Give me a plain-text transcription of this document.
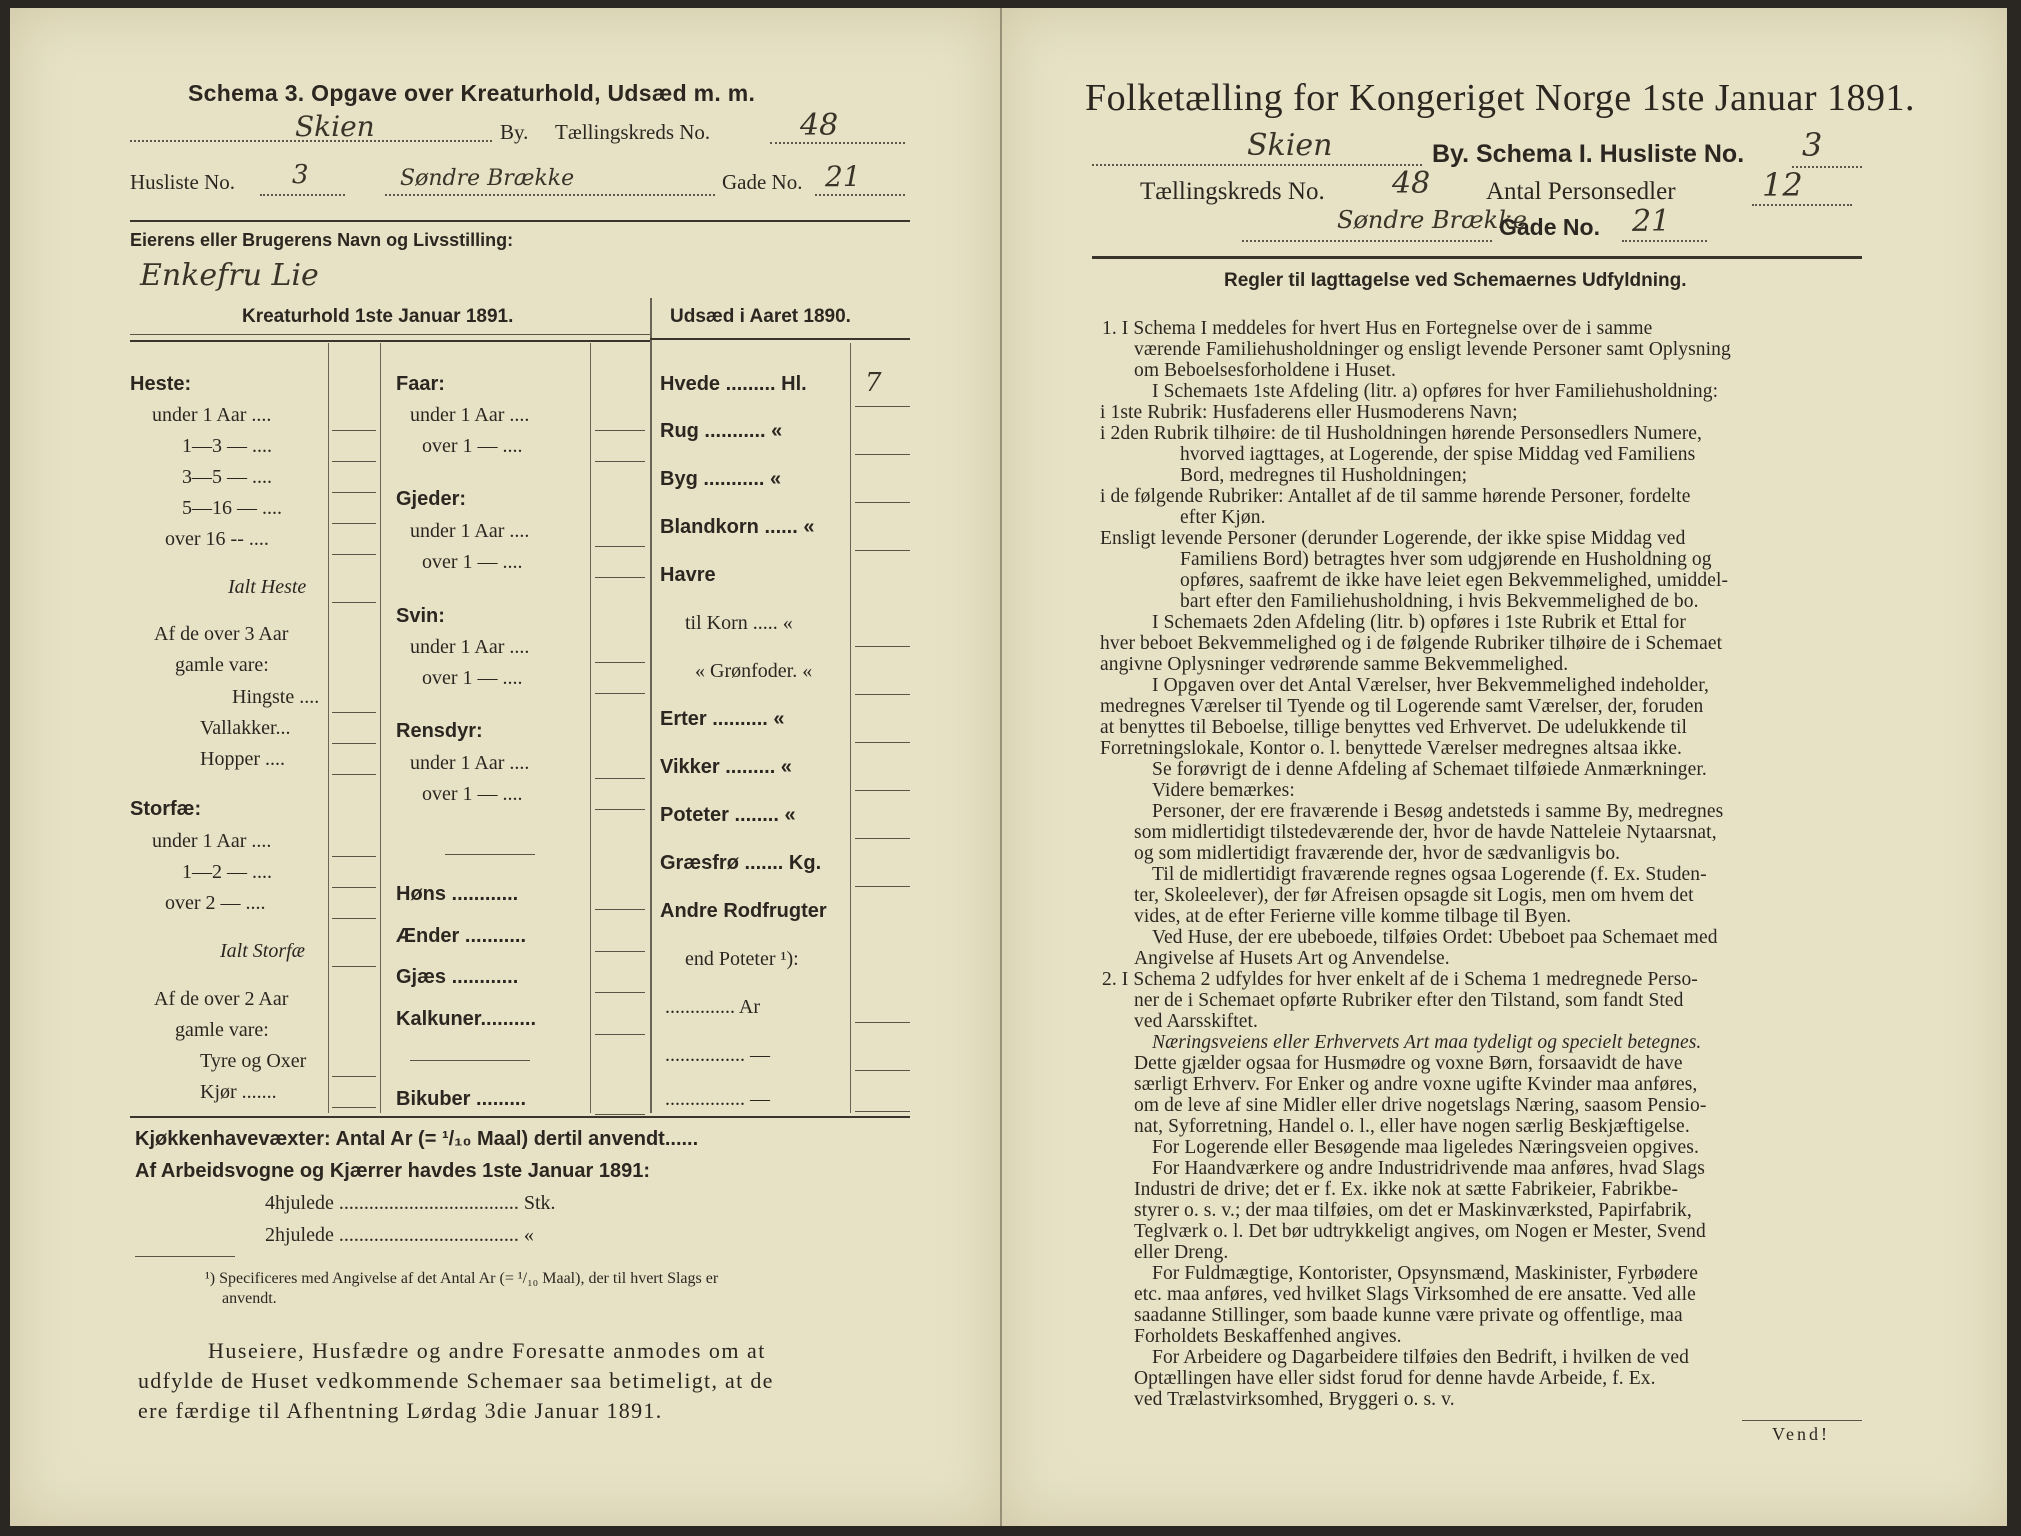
Schema 3. Opgave over Kreaturhold, Udsæd m. m.
Skien	By. Tællingskreds No.	48
Husliste No. 3	Søndre Brække	Gade No. 21
Eierens eller Brugerens Navn og Livsstilling:
Enkefru Lie
Kreaturhold 1ste Januar 1891.	Udsæd i Aaret 1890.
Heste:
under 1 Aar ....
1—3 — ....
3—5 — ....
5—16 — ....
over 16 -- ....
Ialt Heste
Af de over 3 Aar
gamle vare:
Hingste ....
Vallakker...
Hopper ....
Storfæ:
under 1 Aar ....
1—2 — ....
over 2 — ....
Ialt Storfæ
Af de over 2 Aar
gamle vare:
Tyre og Oxer
Kjør .......
Faar:
under 1 Aar ....
over 1 — ....
Gjeder:
under 1 Aar ....
over 1 — ....
Svin:
under 1 Aar ....
over 1 — ....
Rensdyr:
under 1 Aar ....
over 1 — ....
Høns ............
Ænder ...........
Gjæs ............
Kalkuner..........
Bikuber .........
Hvede ......... Hl. 7
Rug ........... «
Byg ........... «
Blandkorn ...... «
Havre
til Korn ..... «
« Grønfoder. «
Erter .......... «
Vikker ......... «
Poteter ........ «
Græsfrø ....... Kg.
Andre Rodfrugter
end Poteter ¹):
.............. Ar
................ —
................ —
Kjøkkenhavevæxter: Antal Ar (= ¹/₁₀ Maal) dertil anvendt......
Af Arbeidsvogne og Kjærrer havdes 1ste Januar 1891:
4hjulede .................................... Stk.
2hjulede .................................... «
¹) Specificeres med Angivelse af det Antal Ar (= ¹/₁₀ Maal), der til hvert Slags er
anvendt.
Huseiere, Husfædre og andre Foresatte anmodes om at
udfylde de Huset vedkommende Schemaer saa betimeligt, at de
ere færdige til Afhentning Lørdag 3die Januar 1891.
Folketælling for Kongeriget Norge 1ste Januar 1891.
Skien	By. Schema I. Husliste No. 3
Tællingskreds No. 48 Antal Personsedler	12
Søndre Brække
Gade No. 21
Regler til Iagttagelse ved Schemaernes Udfyldning.
1. I Schema I meddeles for hvert Hus en Fortegnelse over de i samme
værende Familiehusholdninger og ensligt levende Personer samt Oplysning
om Beboelsesforholdene i Huset.
I Schemaets 1ste Afdeling (litr. a) opføres for hver Familiehusholdning:
i 1ste Rubrik: Husfaderens eller Husmoderens Navn;
i 2den Rubrik tilhøire: de til Husholdningen hørende Personsedlers Numere,
hvorved iagttages, at Logerende, der spise Middag ved Familiens
Bord, medregnes til Husholdningen;
i de følgende Rubriker: Antallet af de til samme hørende Personer, fordelte
efter Kjøn.
Ensligt levende Personer (derunder Logerende, der ikke spise Middag ved
Familiens Bord) betragtes hver som udgjørende en Husholdning og
opføres, saafremt de ikke have leiet egen Bekvemmelighed, umiddel-
bart efter den Familiehusholdning, i hvis Bekvemmelighed de bo.
I Schemaets 2den Afdeling (litr. b) opføres i 1ste Rubrik et Ettal for
hver beboet Bekvemmelighed og i de følgende Rubriker tilhøire de i Schemaet
angivne Oplysninger vedrørende samme Bekvemmelighed.
I Opgaven over det Antal Værelser, hver Bekvemmelighed indeholder,
medregnes Værelser til Tyende og til Logerende samt Værelser, der, foruden
at benyttes til Beboelse, tillige benyttes ved Erhvervet. De udelukkende til
Forretningslokale, Kontor o. l. benyttede Værelser medregnes altsaa ikke.
Se forøvrigt de i denne Afdeling af Schemaet tilføiede Anmærkninger.
Videre bemærkes:
Personer, der ere fraværende i Besøg andetsteds i samme By, medregnes
som midlertidigt tilstedeværende der, hvor de havde Natteleie Nytaarsnat,
og som midlertidigt fraværende der, hvor de sædvanligvis bo.
Til de midlertidigt fraværende regnes ogsaa Logerende (f. Ex. Studen-
ter, Skoleelever), der før Afreisen opsagde sit Logis, men om hvem det
vides, at de efter Ferierne ville komme tilbage til Byen.
Ved Huse, der ere ubeboede, tilføies Ordet: Ubeboet paa Schemaet med
Angivelse af Husets Art og Anvendelse.
2. I Schema 2 udfyldes for hver enkelt af de i Schema 1 medregnede Perso-
ner de i Schemaet opførte Rubriker efter den Tilstand, som fandt Sted
ved Aarsskiftet.
Næringsveiens eller Erhvervets Art maa tydeligt og specielt betegnes.
Dette gjælder ogsaa for Husmødre og voxne Børn, forsaavidt de have
særligt Erhverv. For Enker og andre voxne ugifte Kvinder maa anføres,
om de leve af sine Midler eller drive nogetslags Næring, saasom Pensio-
nat, Syforretning, Handel o. l., eller have nogen særlig Beskjæftigelse.
For Logerende eller Besøgende maa ligeledes Næringsveien opgives.
For Haandværkere og andre Industridrivende maa anføres, hvad Slags
Industri de drive; det er f. Ex. ikke nok at sætte Fabrikeier, Fabrikbe-
styrer o. s. v.; der maa tilføies, om det er Maskinværksted, Papirfabrik,
Teglværk o. l. Det bør udtrykkeligt angives, om Nogen er Mester, Svend
eller Dreng.
For Fuldmægtige, Kontorister, Opsynsmænd, Maskinister, Fyrbødere
etc. maa anføres, ved hvilket Slags Virksomhed de ere ansatte. Ved alle
saadanne Stillinger, som baade kunne være private og offentlige, maa
Forholdets Beskaffenhed angives.
For Arbeidere og Dagarbeidere tilføies den Bedrift, i hvilken de ved
Optællingen have eller sidst forud for denne havde Arbeide, f. Ex.
ved Trælastvirksomhed, Bryggeri o. s. v.
Vend!
